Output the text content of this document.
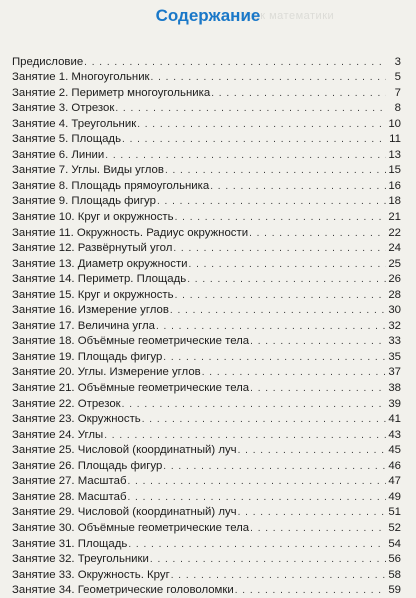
Урок математики
Содержание
Предисловие . . .	3
Занятие 1. Многоугольник . . .	5
Занятие 2. Периметр многоугольника . . .	7
Занятие 3. Отрезок . . .	8
Занятие 4. Треугольник . . .	10
Занятие 5. Площадь . . .	11
Занятие 6. Линии . . .	13
Занятие 7. Углы. Виды углов . . .	15
Занятие 8. Площадь прямоугольника . . .	16
Занятие 9. Площадь фигур . . .	18
Занятие 10. Круг и окружность . . .	21
Занятие 11. Окружность. Радиус окружности . . .	22
Занятие 12. Развёрнутый угол . . .	24
Занятие 13. Диаметр окружности . . .	25
Занятие 14. Периметр. Площадь . . .	26
Занятие 15. Круг и окружность . . .	28
Занятие 16. Измерение углов . . .	30
Занятие 17. Величина угла . . .	32
Занятие 18. Объёмные геометрические тела . . .	33
Занятие 19. Площадь фигур . . .	35
Занятие 20. Углы. Измерение углов . . .	37
Занятие 21. Объёмные геометрические тела . . .	38
Занятие 22. Отрезок . . .	39
Занятие 23. Окружность . . .	41
Занятие 24. Углы . . .	43
Занятие 25. Числовой (координатный) луч . . .	45
Занятие 26. Площадь фигур . . .	46
Занятие 27. Масштаб . . .	47
Занятие 28. Масштаб . . .	49
Занятие 29. Числовой (координатный) луч . . .	51
Занятие 30. Объёмные геометрические тела . . .	52
Занятие 31. Площадь . . .	54
Занятие 32. Треугольники . . .	56
Занятие 33. Окружность. Круг . . .	58
Занятие 34. Геометрические головоломки . . .	59
